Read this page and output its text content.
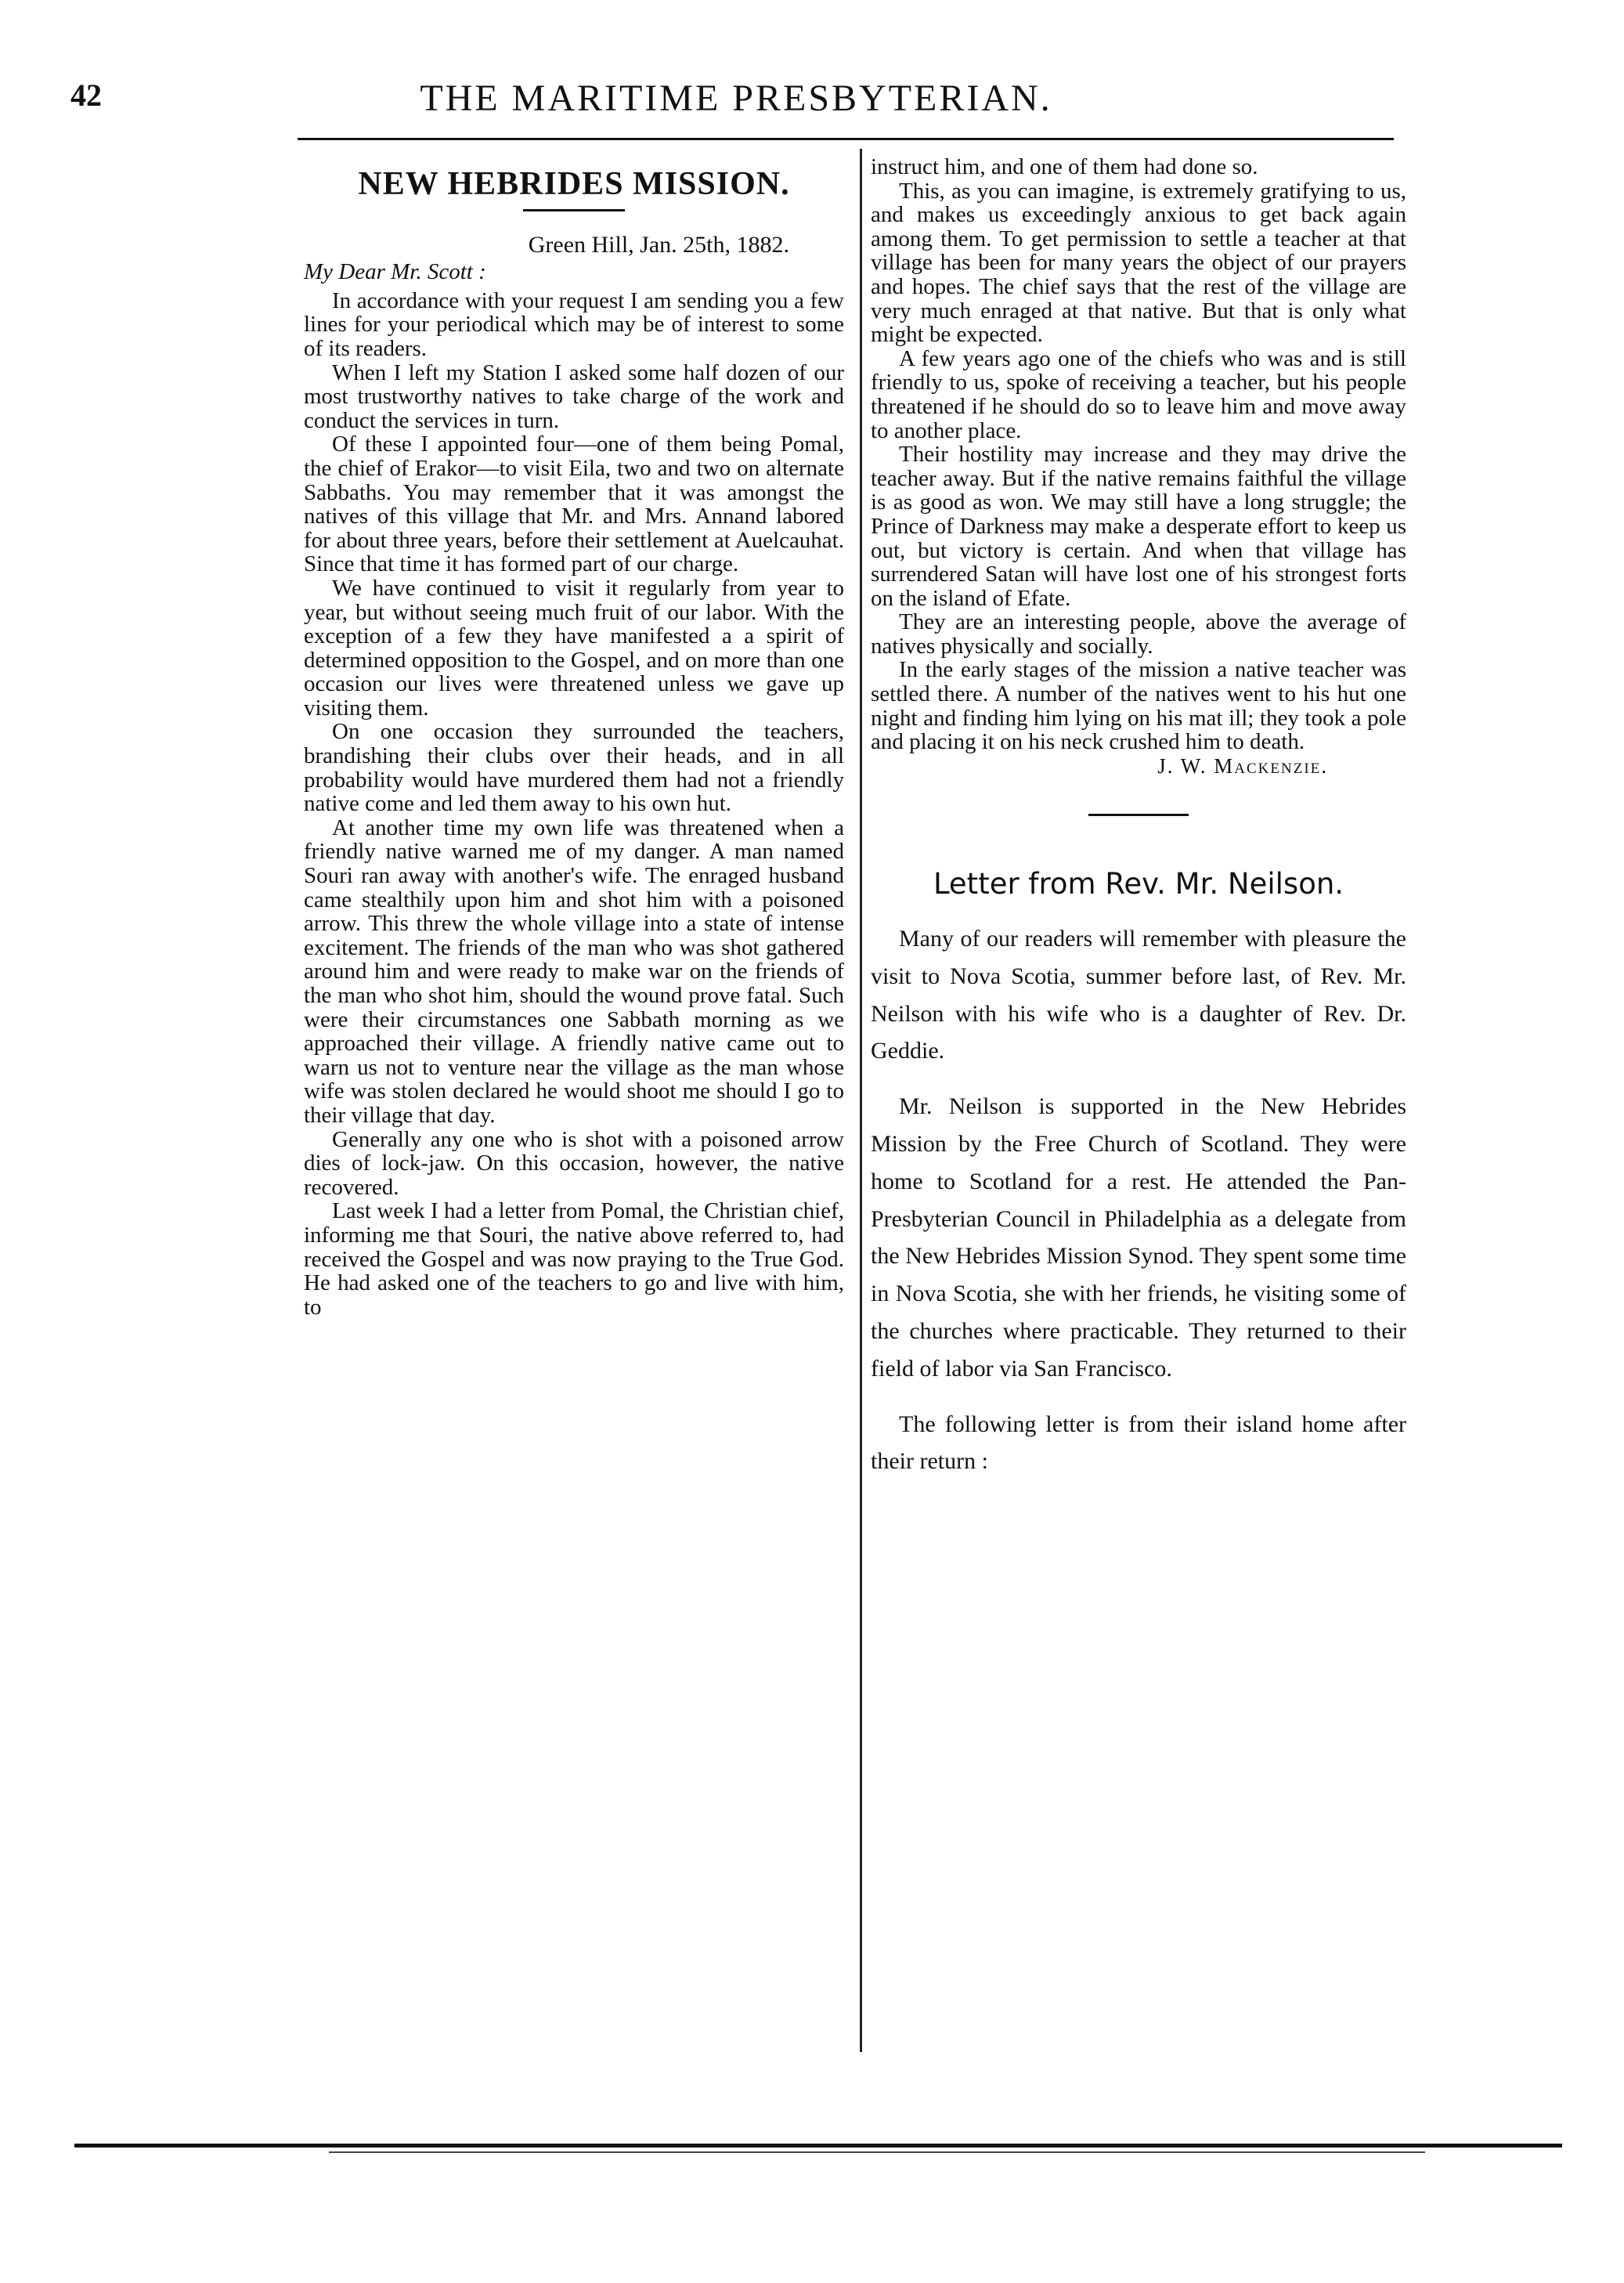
42	THE MARITIME PRESBYTERIAN.
NEW HEBRIDES MISSION.
Green Hill, Jan. 25th, 1882.
My Dear Mr. Scott :

In accordance with your request I am sending you a few lines for your periodical which may be of interest to some of its readers.

When I left my Station I asked some half dozen of our most trustworthy natives to take charge of the work and conduct the services in turn.

Of these I appointed four—one of them being Pomal, the chief of Erakor—to visit Eila, two and two on alternate Sabbaths. You may remember that it was amongst the natives of this village that Mr. and Mrs. Annand labored for about three years, before their settlement at Auelcauhat. Since that time it has formed part of our charge.

We have continued to visit it regularly from year to year, but without seeing much fruit of our labor. With the exception of a few they have manifested a a spirit of determined opposition to the Gospel, and on more than one occasion our lives were threatened unless we gave up visiting them.

On one occasion they surrounded the teachers, brandishing their clubs over their heads, and in all probability would have murdered them had not a friendly native come and led them away to his own hut.

At another time my own life was threatened when a friendly native warned me of my danger. A man named Souri ran away with another's wife. The enraged husband came stealthily upon him and shot him with a poisoned arrow. This threw the whole village into a state of intense excitement. The friends of the man who was shot gathered around him and were ready to make war on the friends of the man who shot him, should the wound prove fatal. Such were their circumstances one Sabbath morning as we approached their village. A friendly native came out to warn us not to venture near the village as the man whose wife was stolen declared he would shoot me should I go to their village that day.

Generally any one who is shot with a poisoned arrow dies of lock-jaw. On this occasion, however, the native recovered.

Last week I had a letter from Pomal, the Christian chief, informing me that Souri, the native above referred to, had received the Gospel and was now praying to the True God. He had asked one of the teachers to go and live with him, to

instruct him, and one of them had done so.

This, as you can imagine, is extremely gratifying to us, and makes us exceedingly anxious to get back again among them. To get permission to settle a teacher at that village has been for many years the object of our prayers and hopes. The chief says that the rest of the village are very much enraged at that native. But that is only what might be expected.

A few years ago one of the chiefs who was and is still friendly to us, spoke of receiving a teacher, but his people threatened if he should do so to leave him and move away to another place.

Their hostility may increase and they may drive the teacher away. But if the native remains faithful the village is as good as won. We may still have a long struggle; the Prince of Darkness may make a desperate effort to keep us out, but victory is certain. And when that village has surrendered Satan will have lost one of his strongest forts on the island of Efate.

They are an interesting people, above the average of natives physically and socially.

In the early stages of the mission a native teacher was settled there. A number of the natives went to his hut one night and finding him lying on his mat ill; they took a pole and placing it on his neck crushed him to death.

J. W. Mackenzie.
Letter from Rev. Mr. Neilson.

Many of our readers will remember with pleasure the visit to Nova Scotia, summer before last, of Rev. Mr. Neilson with his wife who is a daughter of Rev. Dr. Geddie.

Mr. Neilson is supported in the New Hebrides Mission by the Free Church of Scotland. They were home to Scotland for a rest. He attended the Pan-Presbyterian Council in Philadelphia as a delegate from the New Hebrides Mission Synod. They spent some time in Nova Scotia, she with her friends, he visiting some of the churches where practicable. They returned to their field of labor via San Francisco.

The following letter is from their island home after their return :
